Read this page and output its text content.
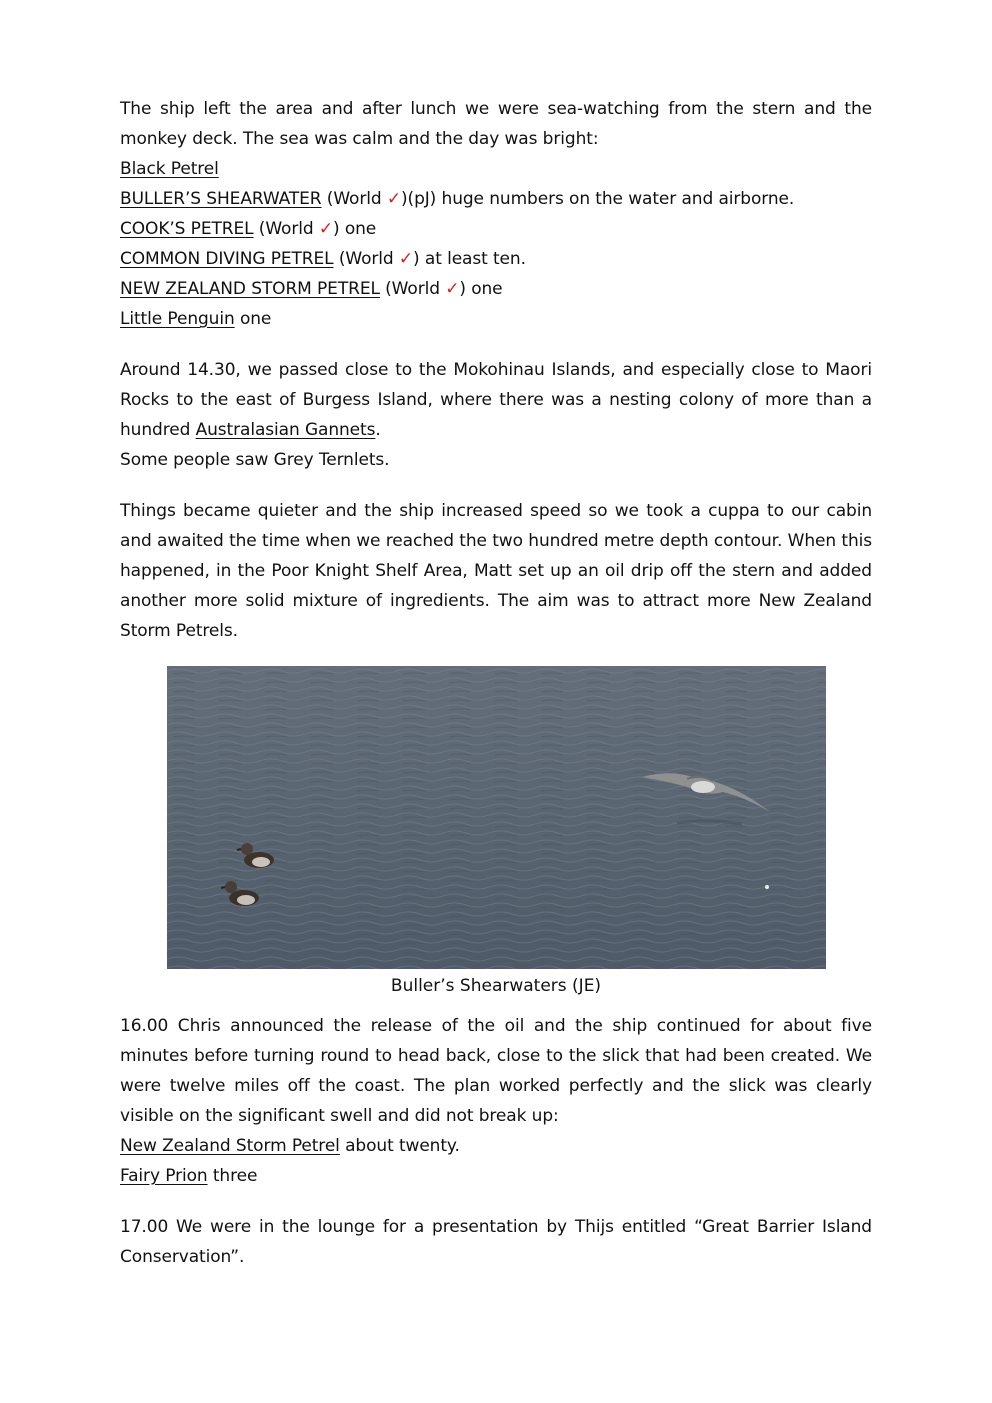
The ship left the area and after lunch we were sea-watching from the stern and the monkey deck. The sea was calm and the day was bright:

Black Petrel

BULLER’S SHEARWATER (World ✓)(pJ) huge numbers on the water and airborne.

COOK’S PETREL (World ✓) one

COMMON DIVING PETREL (World ✓) at least ten.

NEW ZEALAND STORM PETREL (World ✓) one

Little Penguin one

Around 14.30, we passed close to the Mokohinau Islands, and especially close to Maori Rocks to the east of Burgess Island, where there was a nesting colony of more than a hundred Australasian Gannets.

Some people saw Grey Ternlets.

Things became quieter and the ship increased speed so we took a cuppa to our cabin and awaited the time when we reached the two hundred metre depth contour. When this happened, in the Poor Knight Shelf Area, Matt set up an oil drip off the stern and added another more solid mixture of ingredients. The aim was to attract more New Zealand Storm Petrels.

Buller’s Shearwaters (JE)

16.00 Chris announced the release of the oil and the ship continued for about five minutes before turning round to head back, close to the slick that had been created. We were twelve miles off the coast. The plan worked perfectly and the slick was clearly visible on the significant swell and did not break up:

New Zealand Storm Petrel about twenty.

Fairy Prion three

17.00 We were in the lounge for a presentation by Thijs entitled “Great Barrier Island Conservation”.
